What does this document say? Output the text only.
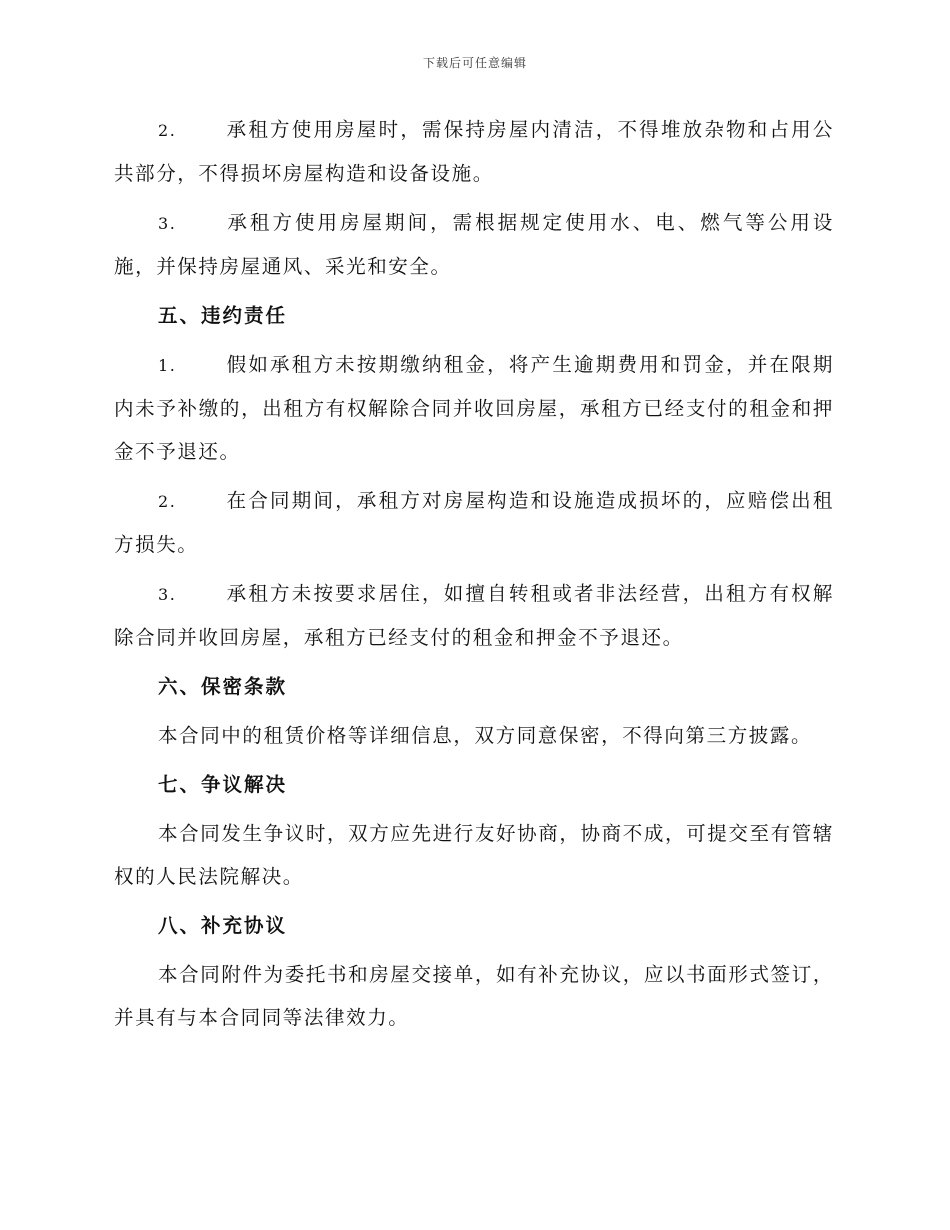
下载后可任意编辑

2.	承租方使用房屋时，需保持房屋内清洁，不得堆放杂物和占用公共部分，不得损坏房屋构造和设备设施。

3.	承租方使用房屋期间，需根据规定使用水、电、燃气等公用设施，并保持房屋通风、采光和安全。

五、违约责任

1.	假如承租方未按期缴纳租金，将产生逾期费用和罚金，并在限期内未予补缴的，出租方有权解除合同并收回房屋，承租方已经支付的租金和押金不予退还。

2.	在合同期间，承租方对房屋构造和设施造成损坏的，应赔偿出租方损失。

3.	承租方未按要求居住，如擅自转租或者非法经营，出租方有权解除合同并收回房屋，承租方已经支付的租金和押金不予退还。

六、保密条款

本合同中的租赁价格等详细信息，双方同意保密，不得向第三方披露。

七、争议解决

本合同发生争议时，双方应先进行友好协商，协商不成，可提交至有管辖权的人民法院解决。

八、补充协议

本合同附件为委托书和房屋交接单，如有补充协议，应以书面形式签订，并具有与本合同同等法律效力。
